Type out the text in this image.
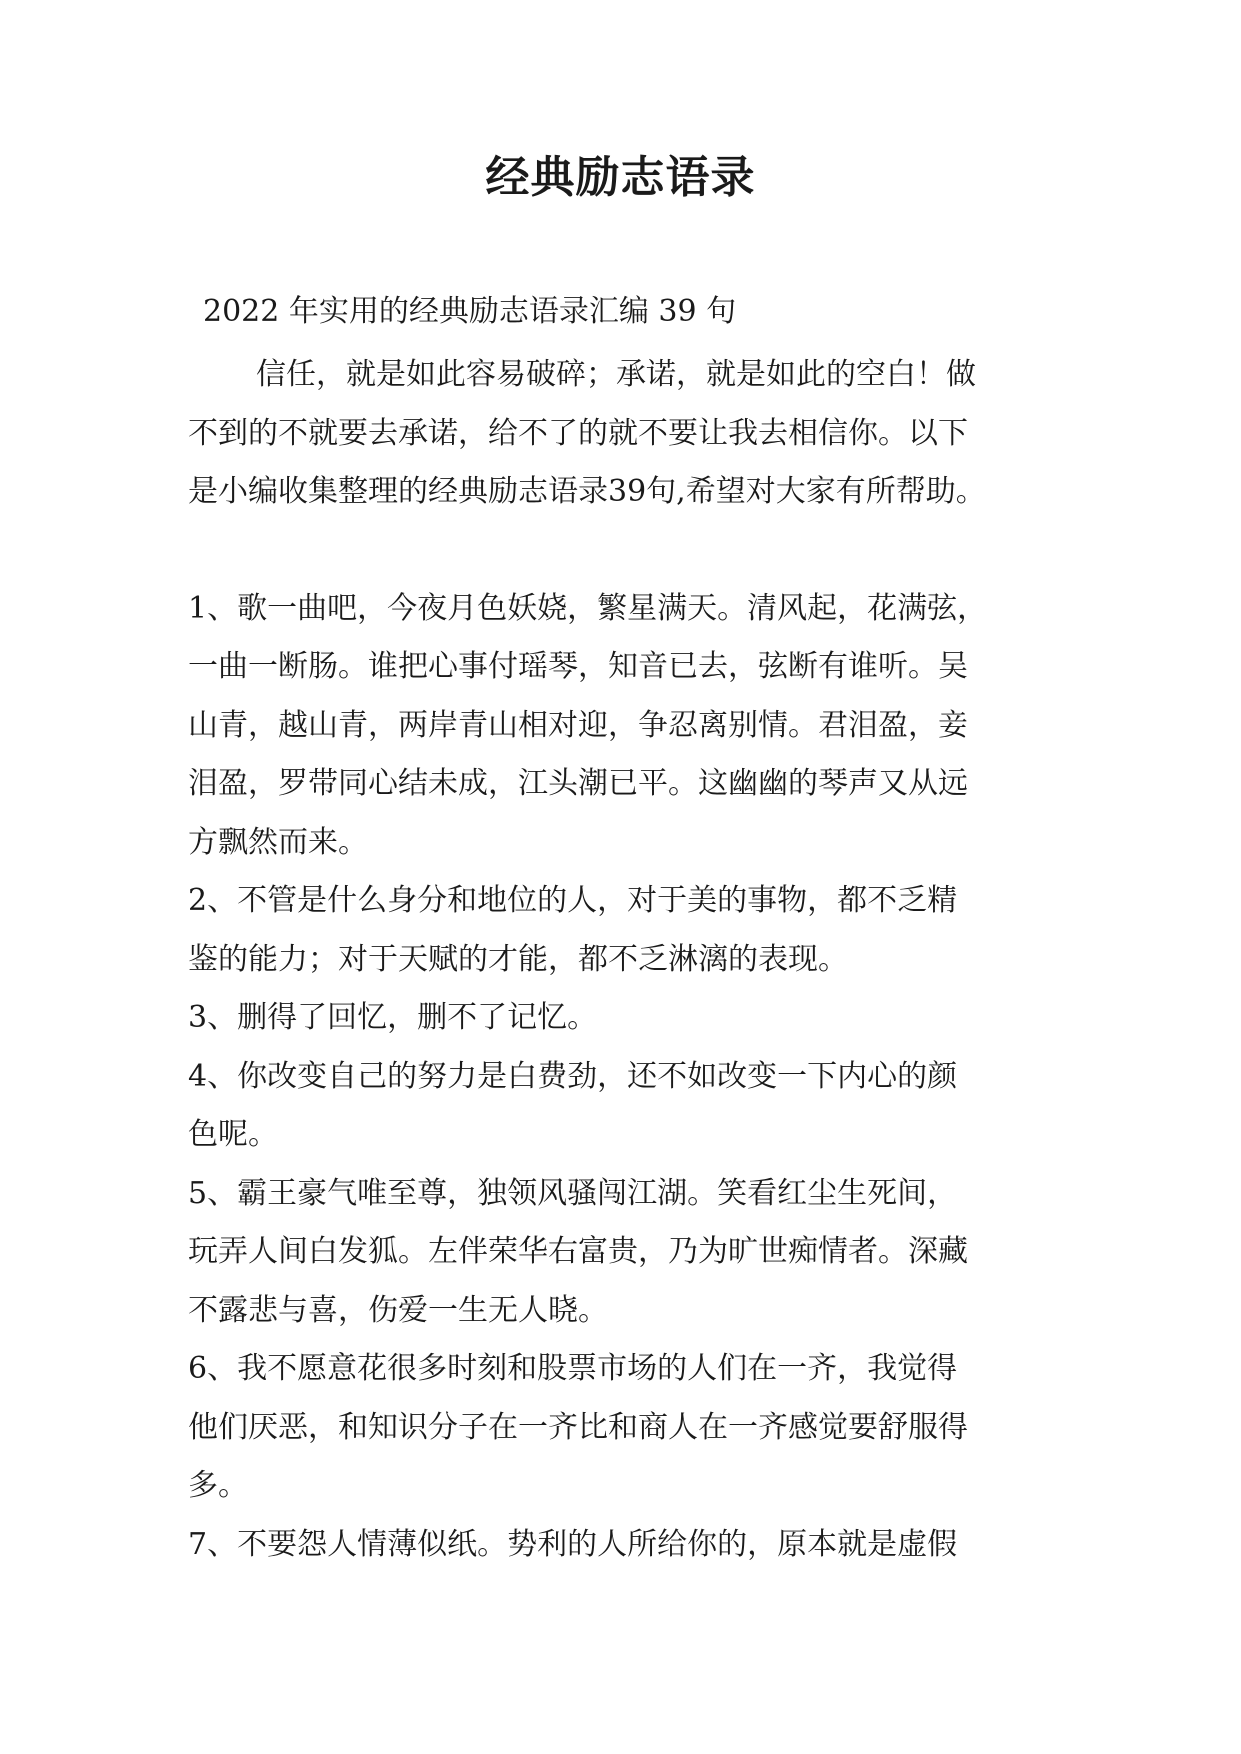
经典励志语录
2022 年实用的经典励志语录汇编 39 句
信任，就是如此容易破碎；承诺，就是如此的空白！做
不到的不就要去承诺，给不了的就不要让我去相信你。以下
是小编收集整理的经典励志语录39句,希望对大家有所帮助。
1、歌一曲吧，今夜月色妖娆，繁星满天。清风起，花满弦，
一曲一断肠。谁把心事付瑶琴，知音已去，弦断有谁听。吴
山青，越山青，两岸青山相对迎，争忍离别情。君泪盈，妾
泪盈，罗带同心结未成，江头潮已平。这幽幽的琴声又从远
方飘然而来。
2、不管是什么身分和地位的人，对于美的事物，都不乏精
鉴的能力；对于天赋的才能，都不乏淋漓的表现。
3、删得了回忆，删不了记忆。
4、你改变自己的努力是白费劲，还不如改变一下内心的颜
色呢。
5、霸王豪气唯至尊，独领风骚闯江湖。笑看红尘生死间，
玩弄人间白发狐。左伴荣华右富贵，乃为旷世痴情者。深藏
不露悲与喜，伤爱一生无人晓。
6、我不愿意花很多时刻和股票市场的人们在一齐，我觉得
他们厌恶，和知识分子在一齐比和商人在一齐感觉要舒服得
多。
7、不要怨人情薄似纸。势利的人所给你的，原本就是虚假
